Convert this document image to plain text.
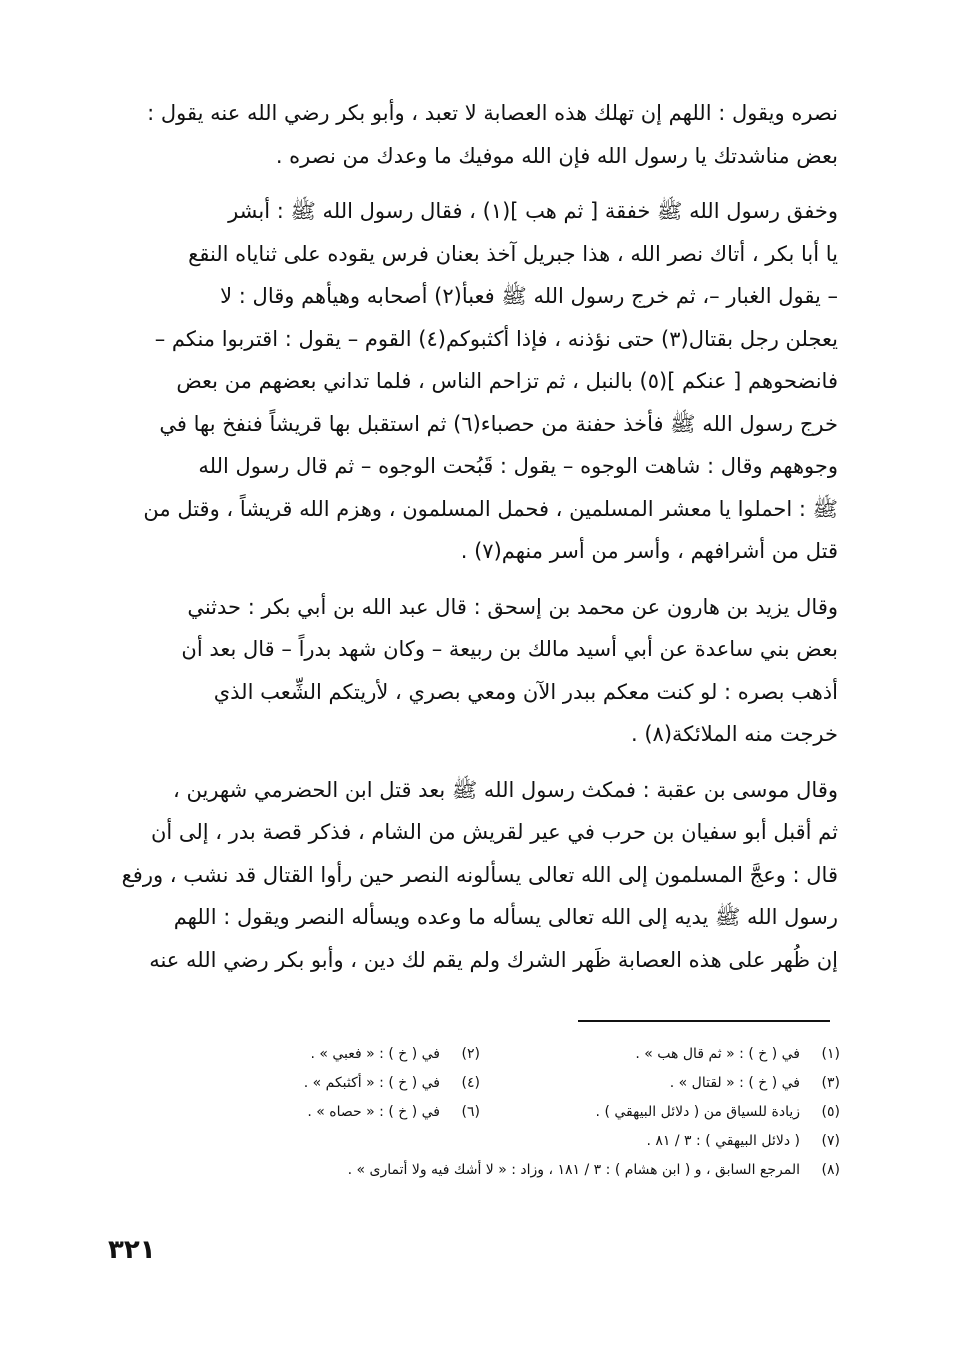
نصره ويقول : اللهم إن تهلك هذه العصابة لا تعبد ، وأبو بكر رضي الله عنه يقول :
بعض مناشدتك يا رسول الله فإن الله موفيك ما وعدك من نصره .
وخفق رسول الله ﷺ خفقة [ ثم هب ](١) ، فقال رسول الله ﷺ : أبشر
يا أبا بكر ، أتاك نصر الله ، هذا جبريل آخذ بعنان فرس يقوده على ثناياه النقع
– يقول الغبار –، ثم خرج رسول الله ﷺ فعبأ(٢) أصحابه وهيأهم وقال : لا
يعجلن رجل بقتال(٣) حتى نؤذنه ، فإذا أكثبوكم(٤) القوم – يقول : اقتربوا منكم –
فانضحوهم [ عنكم ](٥) بالنبل ، ثم تزاحم الناس ، فلما تداني بعضهم من بعض
خرج رسول الله ﷺ فأخذ حفنة من حصباء(٦) ثم استقبل بها قريشاً فنفخ بها في
وجوههم وقال : شاهت الوجوه – يقول : قَبُحت الوجوه – ثم قال رسول الله
ﷺ : احملوا يا معشر المسلمين ، فحمل المسلمون ، وهزم الله قريشاً ، وقتل من
قتل من أشرافهم ، وأسر من أسر منهم(٧) .
وقال يزيد بن هارون عن محمد بن إسحق : قال عبد الله بن أبي بكر : حدثني
بعض بني ساعدة عن أبي أسيد مالك بن ربيعة – وكان شهد بدراً – قال بعد أن
أذهب بصره : لو كنت معكم ببدر الآن ومعي بصري ، لأريتكم الشِّعب الذي
خرجت منه الملائكة(٨) .
وقال موسى بن عقبة : فمكث رسول الله ﷺ بعد قتل ابن الحضرمي شهرين ،
ثم أقبل أبو سفيان بن حرب في عير لقريش من الشام ، فذكر قصة بدر ، إلى أن
قال : وعجَّ المسلمون إلى الله تعالى يسألونه النصر حين رأوا القتال قد نشب ، ورفع
رسول الله ﷺ يديه إلى الله تعالى يسأله ما وعده ويسأله النصر ويقول : اللهم
إن ظُهر على هذه العصابة ظَهر الشرك ولم يقم لك دين ، وأبو بكر رضي الله عنه
(١)
في ( خ ) : « ثم قال هب » .
(٢)
في ( خ ) : « فعبي » .
(٣)
في ( خ ) : « لقتال » .
(٤)
في ( خ ) : « أكثبكم » .
(٥)
زيادة للسياق من ( دلائل البيهقي ) .
(٦)
في ( خ ) : « حصاه » .
(٧)
( دلائل البيهقي ) : ٣ / ٨١ .
(٨)
المرجع السابق ، و ( ابن هشام ) : ٣ / ١٨١ ، وزاد : « لا أشك فيه ولا أتمارى » .
٣٢١
